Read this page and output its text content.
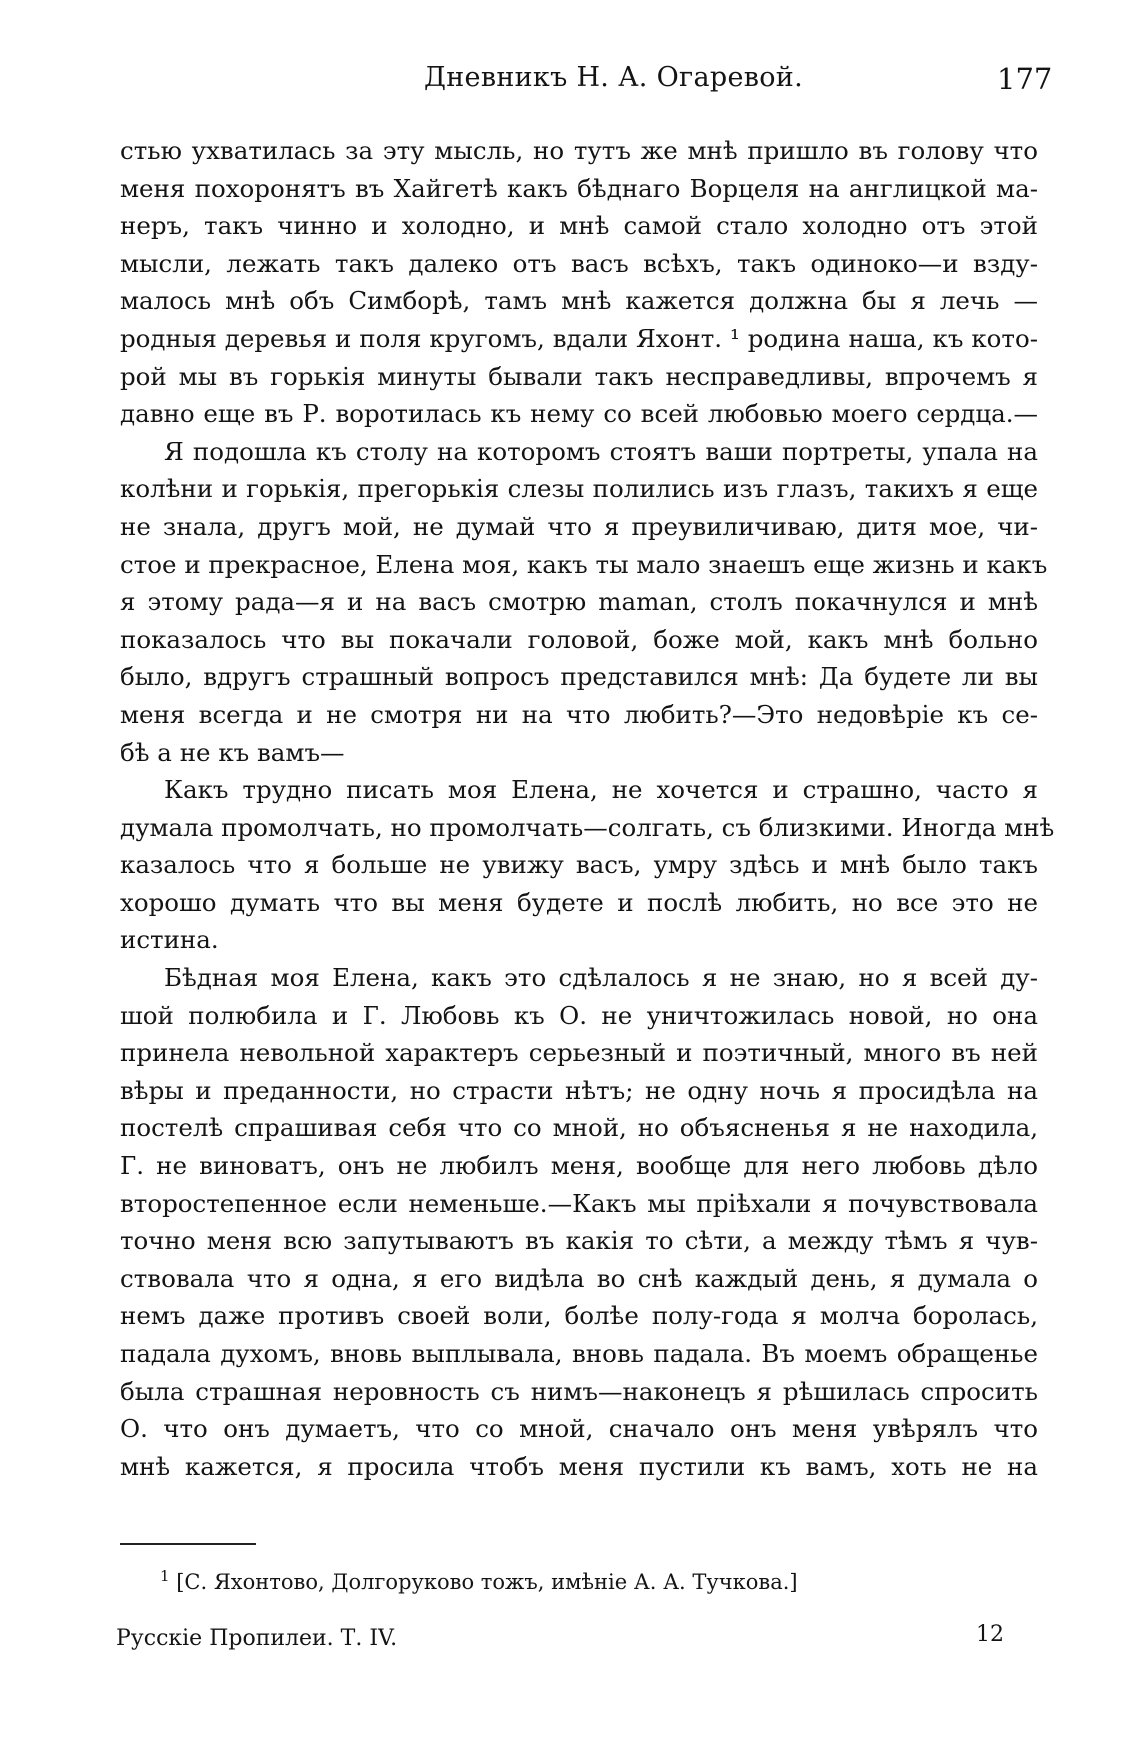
Дневникъ Н. А. Огаревой.	177
стью ухватилась за эту мысль, но тутъ же мнѣ пришло въ голову что
меня похоронятъ въ Хайгетѣ какъ бѣднаго Ворцеля на англицкой ма-
неръ, такъ чинно и холодно, и мнѣ самой стало холодно отъ этой
мысли, лежать такъ далеко отъ васъ всѣхъ, такъ одиноко—и взду-
малось мнѣ объ Симборѣ, тамъ мнѣ кажется должна бы я лечь —
родныя деревья и поля кругомъ, вдали Яхонт. ¹ родина наша, къ кото-
рой мы въ горькія минуты бывали такъ несправедливы, впрочемъ я
давно еще въ Р. воротилась къ нему со всей любовью моего сердца.—
Я подошла къ столу на которомъ стоятъ ваши портреты, упала на
колѣни и горькія, прегорькія слезы полились изъ глазъ, такихъ я еще
не знала, другъ мой, не думай что я преувиличиваю, дитя мое, чи-
стое и прекрасное, Елена моя, какъ ты мало знаешъ еще жизнь и какъ
я этому рада—я и на васъ смотрю maman, столъ покачнулся и мнѣ
показалось что вы покачали головой, боже мой, какъ мнѣ больно
было, вдругъ страшный вопросъ представился мнѣ: Да будете ли вы
меня всегда и не смотря ни на что любить?—Это недовѣріе къ се-
бѣ а не къ вамъ—
Какъ трудно писать моя Елена, не хочется и страшно, часто я
думала промолчать, но промолчать—солгать, съ близкими. Иногда мнѣ
казалось что я больше не увижу васъ, умру здѣсь и мнѣ было такъ
хорошо думать что вы меня будете и послѣ любить, но все это не
истина.
Бѣдная моя Елена, какъ это сдѣлалось я не знаю, но я всей ду-
шой полюбила и Г. Любовь къ О. не уничтожилась новой, но она
принела невольной характеръ серьезный и поэтичный, много въ ней
вѣры и преданности, но страсти нѣтъ; не одну ночь я просидѣла на
постелѣ спрашивая себя что со мной, но объясненья я не находила,
Г. не виноватъ, онъ не любилъ меня, вообще для него любовь дѣло
второстепенное если неменьше.—Какъ мы пріѣхали я почувствовала
точно меня всю запутываютъ въ какія то сѣти, а между тѣмъ я чув-
ствовала что я одна, я его видѣла во снѣ каждый день, я думала о
немъ даже противъ своей воли, болѣе полу-года я молча боролась,
падала духомъ, вновь выплывала, вновь падала. Въ моемъ обращенье
была страшная неровность съ нимъ—наконецъ я рѣшилась спросить
О. что онъ думаетъ, что со мной, сначало онъ меня увѣрялъ что
мнѣ кажется, я просила чтобъ меня пустили къ вамъ, хоть не на
$^1$ [С. Яхонтово, Долгоруково тожъ, имѣніе А. А. Тучкова.]
Русскіе Пропилеи. Т. IV.	12
